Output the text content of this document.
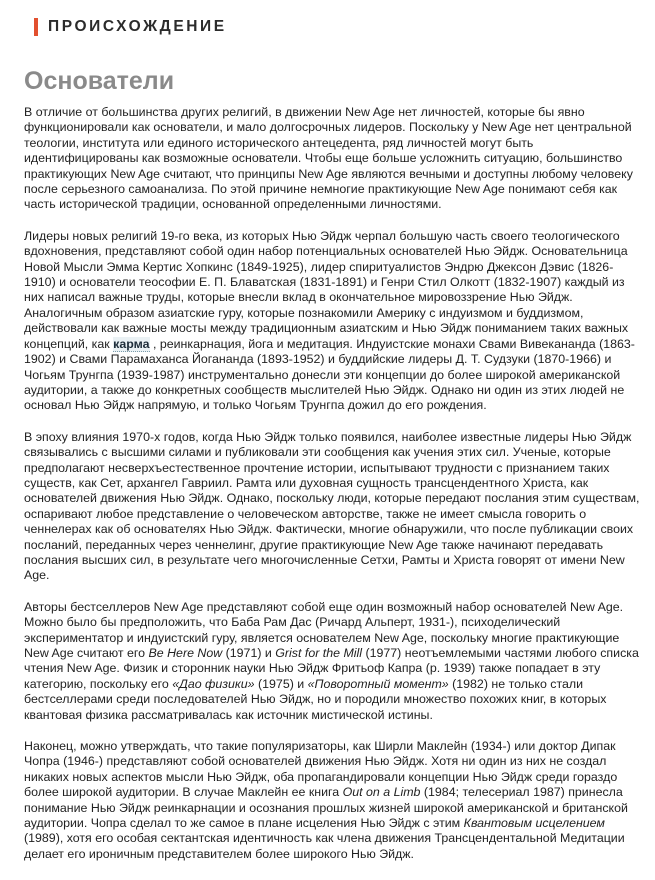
ПРОИСХОЖДЕНИЕ
Основатели

В отличие от большинства других религий, в движении New Age нет личностей, которые бы явно функционировали как основатели, и мало долгосрочных лидеров. Поскольку у New Age нет центральной теологии, института или единого исторического антецедента, ряд личностей могут быть идентифицированы как возможные основатели. Чтобы еще больше усложнить ситуацию, большинство практикующих New Age считают, что принципы New Age являются вечными и доступны любому человеку после серьезного самоанализа. По этой причине немногие практикующие New Age понимают себя как часть исторической традиции, основанной определенными личностями.

Лидеры новых религий 19-го века, из которых Нью Эйдж черпал большую часть своего теологического вдохновения, представляют собой один набор потенциальных основателей Нью Эйдж. Основательница Новой Мысли Эмма Кертис Хопкинс (1849-1925), лидер спиритуалистов Эндрю Джексон Дэвис (1826-1910) и основатели теософии Е. П. Блаватская (1831-1891) и Генри Стил Олкотт (1832-1907) каждый из них написал важные труды, которые внесли вклад в окончательное мировоззрение Нью Эйдж. Аналогичным образом азиатские гуру, которые познакомили Америку с индуизмом и буддизмом, действовали как важные мосты между традиционным азиатским и Нью Эйдж пониманием таких важных концепций, как карма , реинкарнация, йога и медитация. Индуистские монахи Свами Вивекананда (1863-1902) и Свами Парамаханса Йогананда (1893-1952) и буддийские лидеры Д. Т. Судзуки (1870-1966) и Чогьям Трунгпа (1939-1987) инструментально донесли эти концепции до более широкой американской аудитории, а также до конкретных сообществ мыслителей Нью Эйдж. Однако ни один из этих людей не основал Нью Эйдж напрямую, и только Чогьям Трунгпа дожил до его рождения.

В эпоху влияния 1970-х годов, когда Нью Эйдж только появился, наиболее известные лидеры Нью Эйдж связывались с высшими силами и публиковали эти сообщения как учения этих сил. Ученые, которые предполагают несверхъестественное прочтение истории, испытывают трудности с признанием таких существ, как Сет, архангел Гавриил. Рамта или духовная сущность трансцендентного Христа, как основателей движения Нью Эйдж. Однако, поскольку люди, которые передают послания этим существам, оспаривают любое представление о человеческом авторстве, также не имеет смысла говорить о ченнелерах как об основателях Нью Эйдж. Фактически, многие обнаружили, что после публикации своих посланий, переданных через ченнелинг, другие практикующие New Age также начинают передавать послания высших сил, в результате чего многочисленные Сетхи, Рамты и Христа говорят от имени New Age.

Авторы бестселлеров New Age представляют собой еще один возможный набор основателей New Age. Можно было бы предположить, что Баба Рам Дас (Ричард Альперт, 1931-), психоделический экспериментатор и индуистский гуру, является основателем New Age, поскольку многие практикующие New Age считают его Be Here Now (1971) и Grist for the Mill (1977) неотъемлемыми частями любого списка чтения New Age. Физик и сторонник науки Нью Эйдж Фритьоф Капра (р. 1939) также попадает в эту категорию, поскольку его «Дао физики» (1975) и «Поворотный момент» (1982) не только стали бестселлерами среди последователей Нью Эйдж, но и породили множество похожих книг, в которых квантовая физика рассматривалась как источник мистической истины.

Наконец, можно утверждать, что такие популяризаторы, как Ширли Маклейн (1934-) или доктор Дипак Чопра (1946-) представляют собой основателей движения Нью Эйдж. Хотя ни один из них не создал никаких новых аспектов мысли Нью Эйдж, оба пропагандировали концепции Нью Эйдж среди гораздо более широкой аудитории. В случае Маклейн ее книга Out on a Limb (1984; телесериал 1987) принесла понимание Нью Эйдж реинкарнации и осознания прошлых жизней широкой американской и британской аудитории. Чопра сделал то же самое в плане исцеления Нью Эйдж с этим Квантовым исцелением (1989), хотя его особая сектантская идентичность как члена движения Трансцендентальной Медитации делает его ироничным представителем более широкого Нью Эйдж.
